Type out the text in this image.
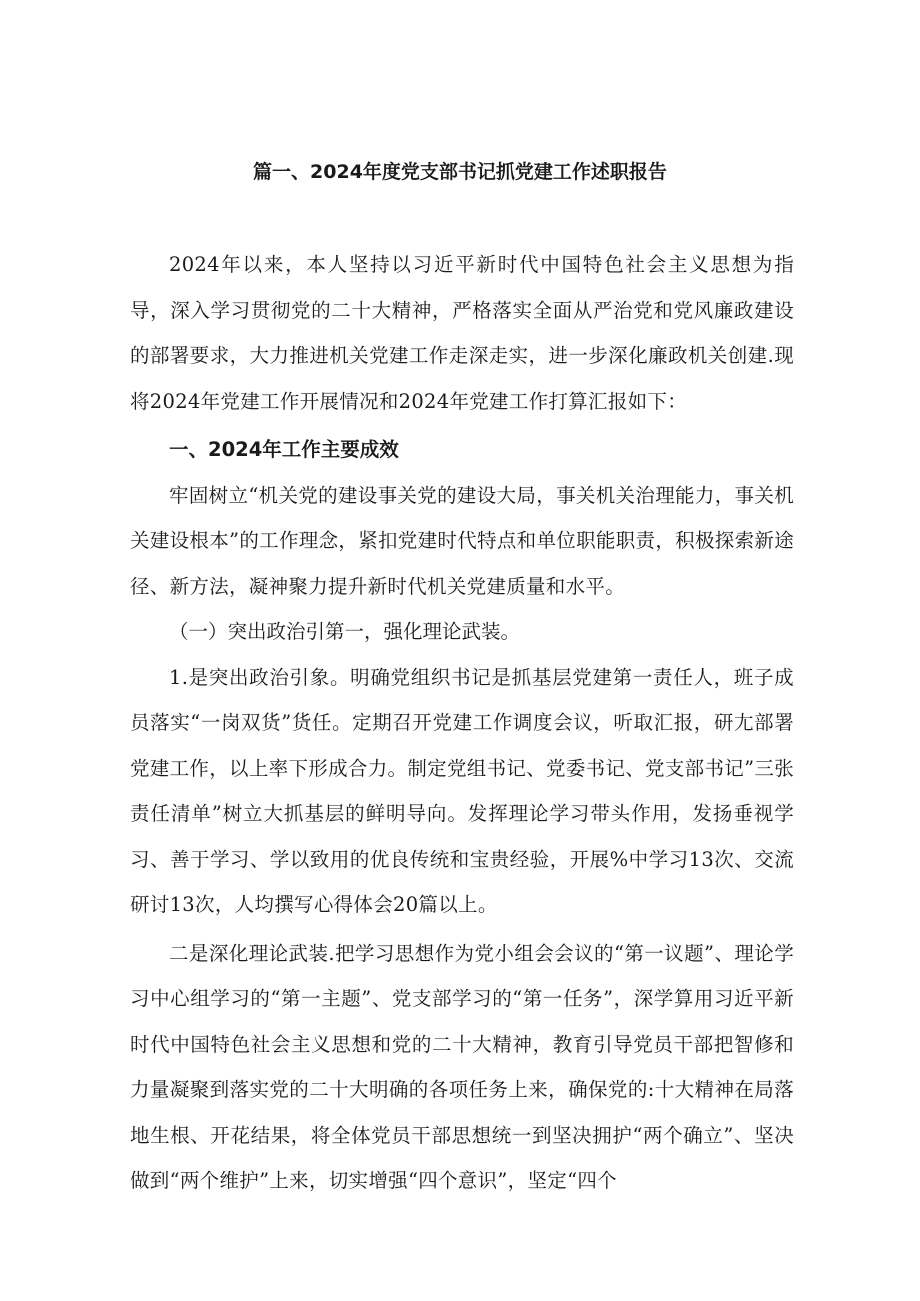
篇一、2024年度党支部书记抓党建工作述职报告

2024年以来，本人坚持以习近平新时代中国特色社会主义思想为指导，深入学习贯彻党的二十大精神，严格落实全面从严治党和党风廉政建设的部署要求，大力推进机关党建工作走深走实，进一步深化廉政机关创建.现将2024年党建工作开展情况和2024年党建工作打算汇报如下：

一、2024年工作主要成效

牢固树立“机关党的建设事关党的建设大局，事关机关治理能力，事关机关建设根本”的工作理念，紧扣党建时代特点和单位职能职责，积极探索新途径、新方法，凝神聚力提升新时代机关党建质量和水平。

（一）突出政治引第一，强化理论武装。

1.是突出政治引象。明确党组织书记是抓基层党建第一责任人，班子成员落实“一岗双货”货任。定期召开党建工作调度会议，听取汇报，研尢部署党建工作，以上率下形成合力。制定党组书记、党委书记、党支部书记”三张责任清单”树立大抓基层的鲜明导向。发挥理论学习带头作用，发扬垂视学习、善于学习、学以致用的优良传统和宝贵经验，开展%中学习13次、交流研讨13次，人均撰写心得体会20篇以上。

二是深化理论武装.把学习思想作为党小组会会议的“第一议题”、理论学习中心组学习的“第一主题”、党支部学习的“第一任务”，深学算用习近平新时代中国特色社会主义思想和党的二十大精神，教育引导党员干部把智修和力量凝聚到落实党的二十大明确的各项任务上来，确保党的:十大精神在局落地生根、开花结果，将全体党员干部思想统一到坚决拥护“两个确立”、坚决做到“两个维护”上来，切实增强“四个意识”，坚定“四个
